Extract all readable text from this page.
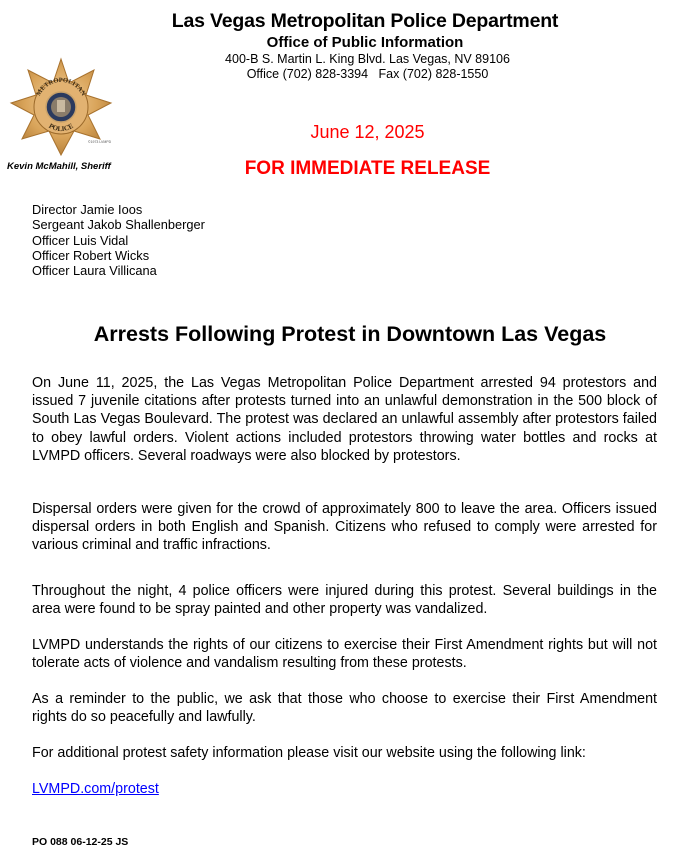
Las Vegas Metropolitan Police Department
Office of Public Information
400-B S. Martin L. King Blvd. Las Vegas, NV 89106
Office (702) 828-3394   Fax (702) 828-1550
METROPOLITAN
POLICE
©1973 LVMPD
Kevin McMahill, Sheriff
June 12, 2025
FOR IMMEDIATE RELEASE
Director Jamie Ioos
Sergeant Jakob Shallenberger
Officer Luis Vidal
Officer Robert Wicks
Officer Laura Villicana
Arrests Following Protest in Downtown Las Vegas
On June 11, 2025, the Las Vegas Metropolitan Police Department arrested 94 protestors and issued 7 juvenile citations after protests turned into an unlawful demonstration in the 500 block of South Las Vegas Boulevard. The protest was declared an unlawful assembly after protestors failed to obey lawful orders. Violent actions included protestors throwing water bottles and rocks at LVMPD officers. Several roadways were also blocked by protestors.
Dispersal orders were given for the crowd of approximately 800 to leave the area. Officers issued dispersal orders in both English and Spanish. Citizens who refused to comply were arrested for various criminal and traffic infractions.
Throughout the night, 4 police officers were injured during this protest. Several buildings in the area were found to be spray painted and other property was vandalized.
LVMPD understands the rights of our citizens to exercise their First Amendment rights but will not tolerate acts of violence and vandalism resulting from these protests.
As a reminder to the public, we ask that those who choose to exercise their First Amendment rights do so peacefully and lawfully.
For additional protest safety information please visit our website using the following link:
LVMPD.com/protest
PO 088 06-12-25 JS
